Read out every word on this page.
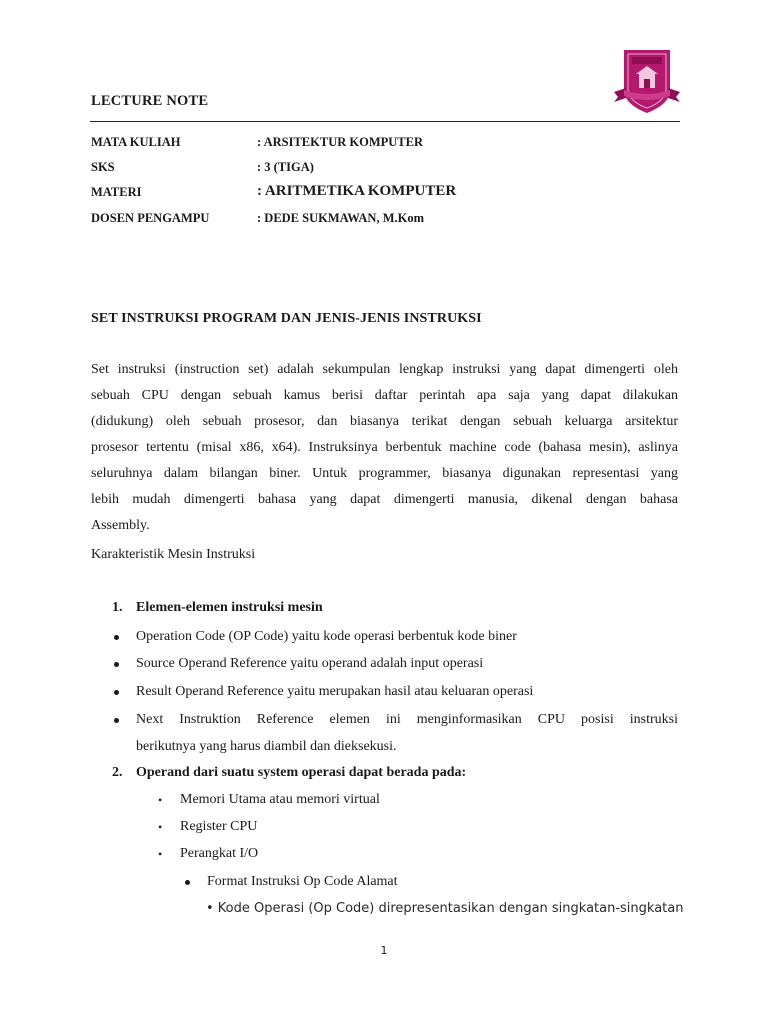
LECTURE NOTE
MATA KULIAH	: ARSITEKTUR KOMPUTER
SKS	: 3 (TIGA)
MATERI	: ARITMETIKA KOMPUTER
DOSEN PENGAMPU	: DEDE SUKMAWAN, M.Kom
SET INSTRUKSI PROGRAM DAN JENIS-JENIS INSTRUKSI
Set instruksi (instruction set) adalah sekumpulan lengkap instruksi yang dapat dimengerti oleh
sebuah CPU dengan sebuah kamus berisi daftar perintah apa saja yang dapat dilakukan
(didukung) oleh sebuah prosesor, dan biasanya terikat dengan sebuah keluarga arsitektur
prosesor tertentu (misal x86, x64). Instruksinya berbentuk machine code (bahasa mesin), aslinya
seluruhnya dalam bilangan biner. Untuk programmer, biasanya digunakan representasi yang
lebih mudah dimengerti bahasa yang dapat dimengerti manusia, dikenal dengan bahasa
Assembly.
Karakteristik Mesin Instruksi
1. Elemen-elemen instruksi mesin
Operation Code (OP Code) yaitu kode operasi berbentuk kode biner
Source Operand Reference yaitu operand adalah input operasi
Result Operand Reference yaitu merupakan hasil atau keluaran operasi
Next Instruktion Reference elemen ini menginformasikan CPU posisi instruksi
berikutnya yang harus diambil dan dieksekusi.
2. Operand dari suatu system operasi dapat berada pada:
• Memori Utama atau memori virtual
• Register CPU
• Perangkat I/O
Format Instruksi Op Code Alamat
• Kode Operasi (Op Code) direpresentasikan dengan singkatan-singkatan
1
